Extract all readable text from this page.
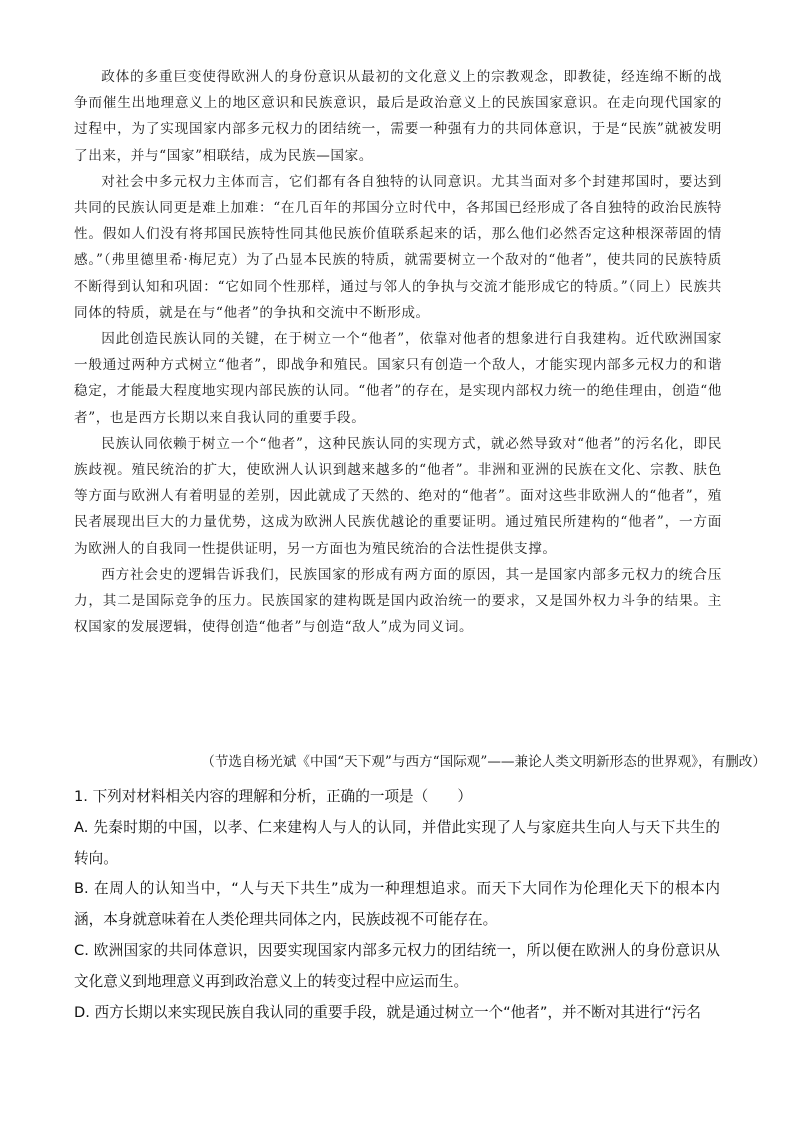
政体的多重巨变使得欧洲人的身份意识从最初的文化意义上的宗教观念，即教徒，经连绵不断的战争而催生出地理意义上的地区意识和民族意识，最后是政治意义上的民族国家意识。在走向现代国家的过程中，为了实现国家内部多元权力的团结统一，需要一种强有力的共同体意识，于是“民族”就被发明了出来，并与“国家”相联结，成为民族—国家。

对社会中多元权力主体而言，它们都有各自独特的认同意识。尤其当面对多个封建邦国时，要达到共同的民族认同更是难上加难：“在几百年的邦国分立时代中，各邦国已经形成了各自独特的政治民族特性。假如人们没有将邦国民族特性同其他民族价值联系起来的话，那么他们必然否定这种根深蒂固的情感。”（弗里德里希·梅尼克）为了凸显本民族的特质，就需要树立一个敌对的“他者”，使共同的民族特质不断得到认知和巩固：“它如同个性那样，通过与邻人的争执与交流才能形成它的特质。”（同上）民族共同体的特质，就是在与“他者”的争执和交流中不断形成。

因此创造民族认同的关键，在于树立一个“他者”，依靠对他者的想象进行自我建构。近代欧洲国家一般通过两种方式树立“他者”，即战争和殖民。国家只有创造一个敌人，才能实现内部多元权力的和谐稳定，才能最大程度地实现内部民族的认同。“他者”的存在，是实现内部权力统一的绝佳理由，创造“他者”，也是西方长期以来自我认同的重要手段。

民族认同依赖于树立一个“他者”，这种民族认同的实现方式，就必然导致对“他者”的污名化，即民族歧视。殖民统治的扩大，使欧洲人认识到越来越多的“他者”。非洲和亚洲的民族在文化、宗教、肤色等方面与欧洲人有着明显的差别，因此就成了天然的、绝对的“他者”。面对这些非欧洲人的“他者”，殖民者展现出巨大的力量优势，这成为欧洲人民族优越论的重要证明。通过殖民所建构的“他者”，一方面为欧洲人的自我同一性提供证明，另一方面也为殖民统治的合法性提供支撑。

西方社会史的逻辑告诉我们，民族国家的形成有两方面的原因，其一是国家内部多元权力的统合压力，其二是国际竞争的压力。民族国家的建构既是国内政治统一的要求，又是国外权力斗争的结果。主权国家的发展逻辑，使得创造“他者”与创造“敌人”成为同义词。

（节选自杨光斌《中国“天下观”与西方“国际观”——兼论人类文明新形态的世界观》，有删改）

1. 下列对材料相关内容的理解和分析，正确的一项是（　　）

A. 先秦时期的中国，以孝、仁来建构人与人的认同，并借此实现了人与家庭共生向人与天下共生的转向。

B. 在周人的认知当中，“人与天下共生”成为一种理想追求。而天下大同作为伦理化天下的根本内涵，本身就意味着在人类伦理共同体之内，民族歧视不可能存在。

C. 欧洲国家的共同体意识，因要实现国家内部多元权力的团结统一，所以便在欧洲人的身份意识从文化意义到地理意义再到政治意义上的转变过程中应运而生。

D. 西方长期以来实现民族自我认同的重要手段，就是通过树立一个“他者”，并不断对其进行“污名
